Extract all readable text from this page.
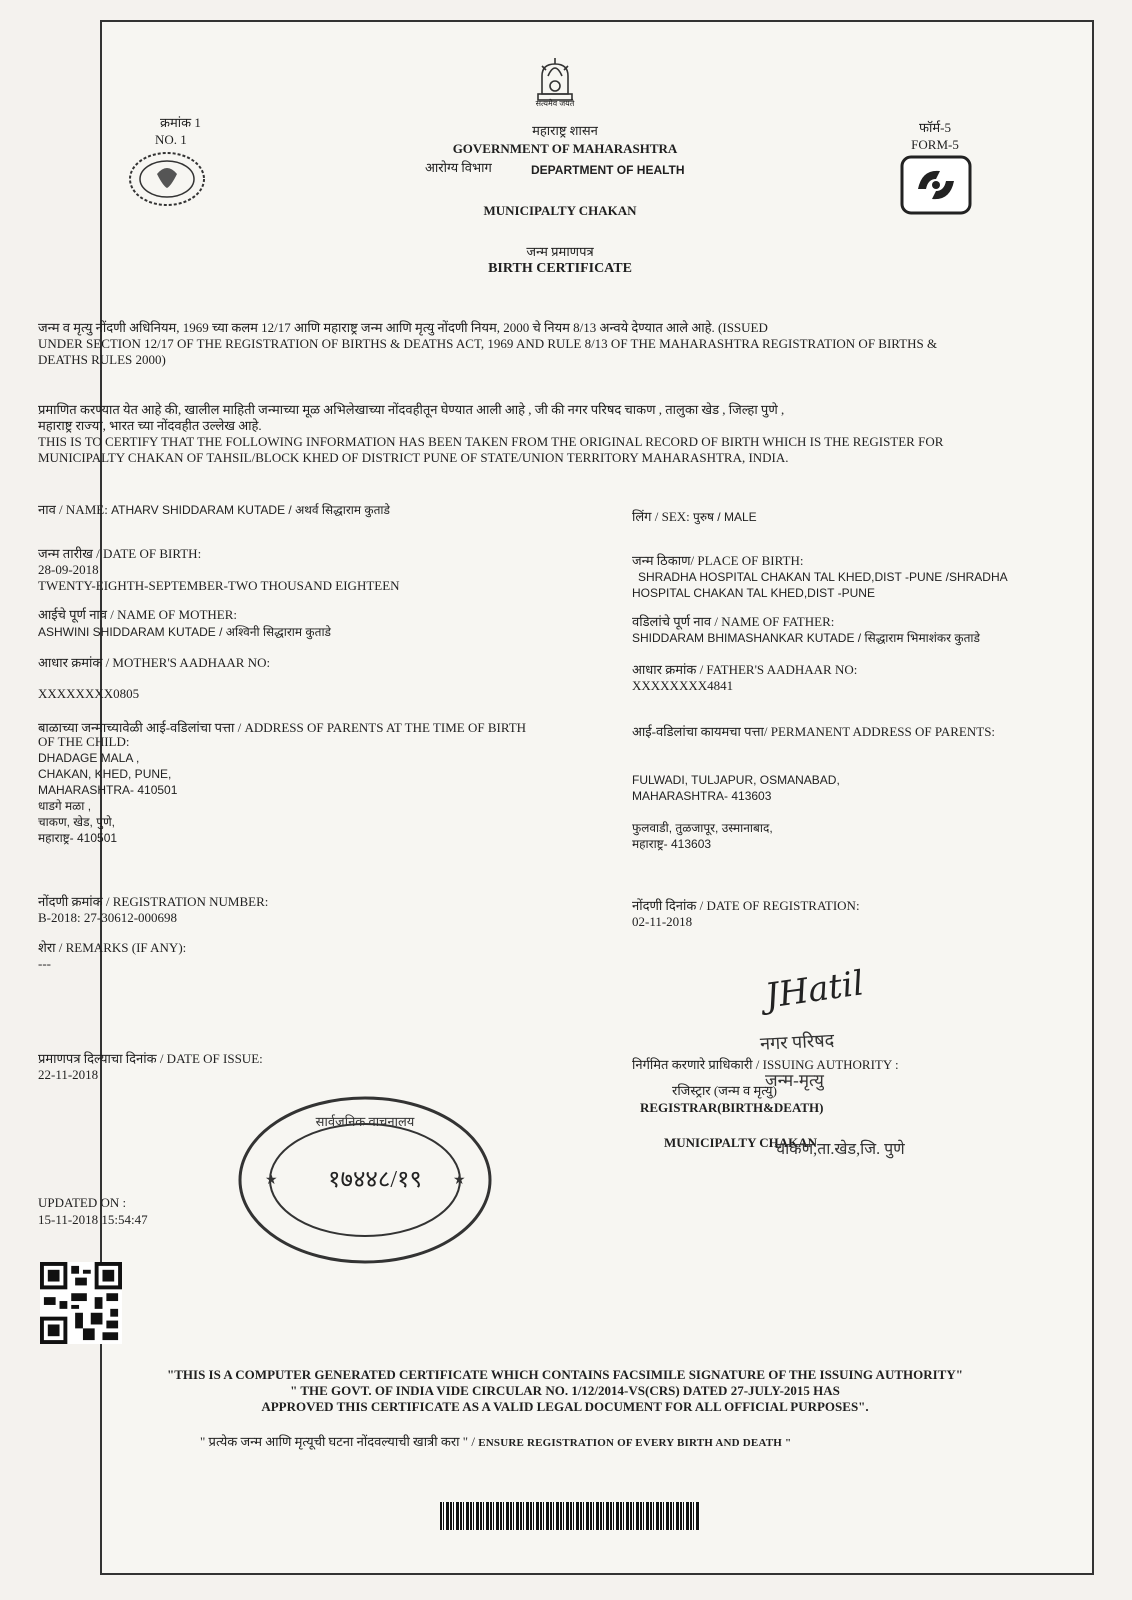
सत्यमेव जयते
क्रमांक 1
NO. 1
महाराष्ट्र शासन
GOVERNMENT OF MAHARASHTRA
आरोग्य विभाग	DEPARTMENT OF HEALTH
MUNICIPALTY CHAKAN
जन्म प्रमाणपत्र
BIRTH CERTIFICATE
फॉर्म-5
FORM-5
जन्म व मृत्यु नोंदणी अधिनियम, 1969 च्या कलम 12/17 आणि महाराष्ट्र जन्म आणि मृत्यु नोंदणी नियम, 2000 चे नियम 8/13 अन्वये देण्यात आले आहे. (ISSUED
UNDER SECTION 12/17 OF THE REGISTRATION OF BIRTHS & DEATHS ACT, 1969 AND RULE 8/13 OF THE MAHARASHTRA REGISTRATION OF BIRTHS &
DEATHS RULES 2000)
प्रमाणित करण्यात येत आहे की, खालील माहिती जन्माच्या मूळ अभिलेखाच्या नोंदवहीतून घेण्यात आली आहे , जी की नगर परिषद चाकण , तालुका खेड , जिल्हा पुणे ,
महाराष्ट्र राज्या, भारत च्या नोंदवहीत उल्लेख आहे.
THIS IS TO CERTIFY THAT THE FOLLOWING INFORMATION HAS BEEN TAKEN FROM THE ORIGINAL RECORD OF BIRTH WHICH IS THE REGISTER FOR
MUNICIPALTY CHAKAN OF TAHSIL/BLOCK KHED OF DISTRICT PUNE OF STATE/UNION TERRITORY MAHARASHTRA, INDIA.
नाव / NAME: ATHARV SHIDDARAM KUTADE / अथर्व सिद्धाराम कुताडे
जन्म तारीख / DATE OF BIRTH:
28-09-2018
TWENTY-EIGHTH-SEPTEMBER-TWO THOUSAND EIGHTEEN
आईचे पूर्ण नाव / NAME OF MOTHER:
ASHWINI SHIDDARAM KUTADE / अश्विनी सिद्धाराम कुताडे
आधार क्रमांक / MOTHER'S AADHAAR NO:
XXXXXXXX0805
बाळाच्या जन्माच्यावेळी आई-वडिलांचा पत्ता / ADDRESS OF PARENTS AT THE TIME OF BIRTH
OF THE CHILD:
DHADAGE MALA ,
CHAKAN, KHED, PUNE,
MAHARASHTRA- 410501
धाडगे मळा ,
चाकण, खेड, पुणे,
महाराष्ट्र- 410501
नोंदणी क्रमांक / REGISTRATION NUMBER:
B-2018: 27-30612-000698
शेरा / REMARKS (IF ANY):
---
प्रमाणपत्र दिल्याचा दिनांक / DATE OF ISSUE:
22-11-2018
UPDATED ON :
15-11-2018 15:54:47
लिंग / SEX: पुरुष / MALE
जन्म ठिकाण/ PLACE OF BIRTH:
SHRADHA HOSPITAL CHAKAN TAL KHED,DIST -PUNE /SHRADHA
HOSPITAL CHAKAN TAL KHED,DIST -PUNE
वडिलांचे पूर्ण नाव / NAME OF FATHER:
SHIDDARAM BHIMASHANKAR KUTADE / सिद्धाराम भिमाशंकर कुताडे
आधार क्रमांक / FATHER'S AADHAAR NO:
XXXXXXXX4841
आई-वडिलांचा कायमचा पत्ता/ PERMANENT ADDRESS OF PARENTS:
FULWADI, TULJAPUR, OSMANABAD,
MAHARASHTRA- 413603
फुलवाडी, तुळजापूर, उस्मानाबाद,
महाराष्ट्र- 413603
नोंदणी दिनांक / DATE OF REGISTRATION:
02-11-2018
JHatil
नगर परिषद
निर्गमित करणारे प्राधिकारी / ISSUING AUTHORITY :
जन्म-मृत्यु
रजिस्ट्रार (जन्म व मृत्यु)
REGISTRAR(BIRTH&DEATH)
MUNICIPALTY CHAKAN
चाकण,ता.खेड,जि. पुणे
★	★
सार्वजनिक वाचनालय
१७४४८/१९
"THIS IS A COMPUTER GENERATED CERTIFICATE WHICH CONTAINS FACSIMILE SIGNATURE OF THE ISSUING AUTHORITY"
" THE GOVT. OF INDIA VIDE CIRCULAR NO. 1/12/2014-VS(CRS) DATED 27-JULY-2015 HAS
APPROVED THIS CERTIFICATE AS A VALID LEGAL DOCUMENT FOR ALL OFFICIAL PURPOSES".
" प्रत्येक जन्म आणि मृत्यूची घटना नोंदवल्याची खात्री करा " / ENSURE REGISTRATION OF EVERY BIRTH AND DEATH "
